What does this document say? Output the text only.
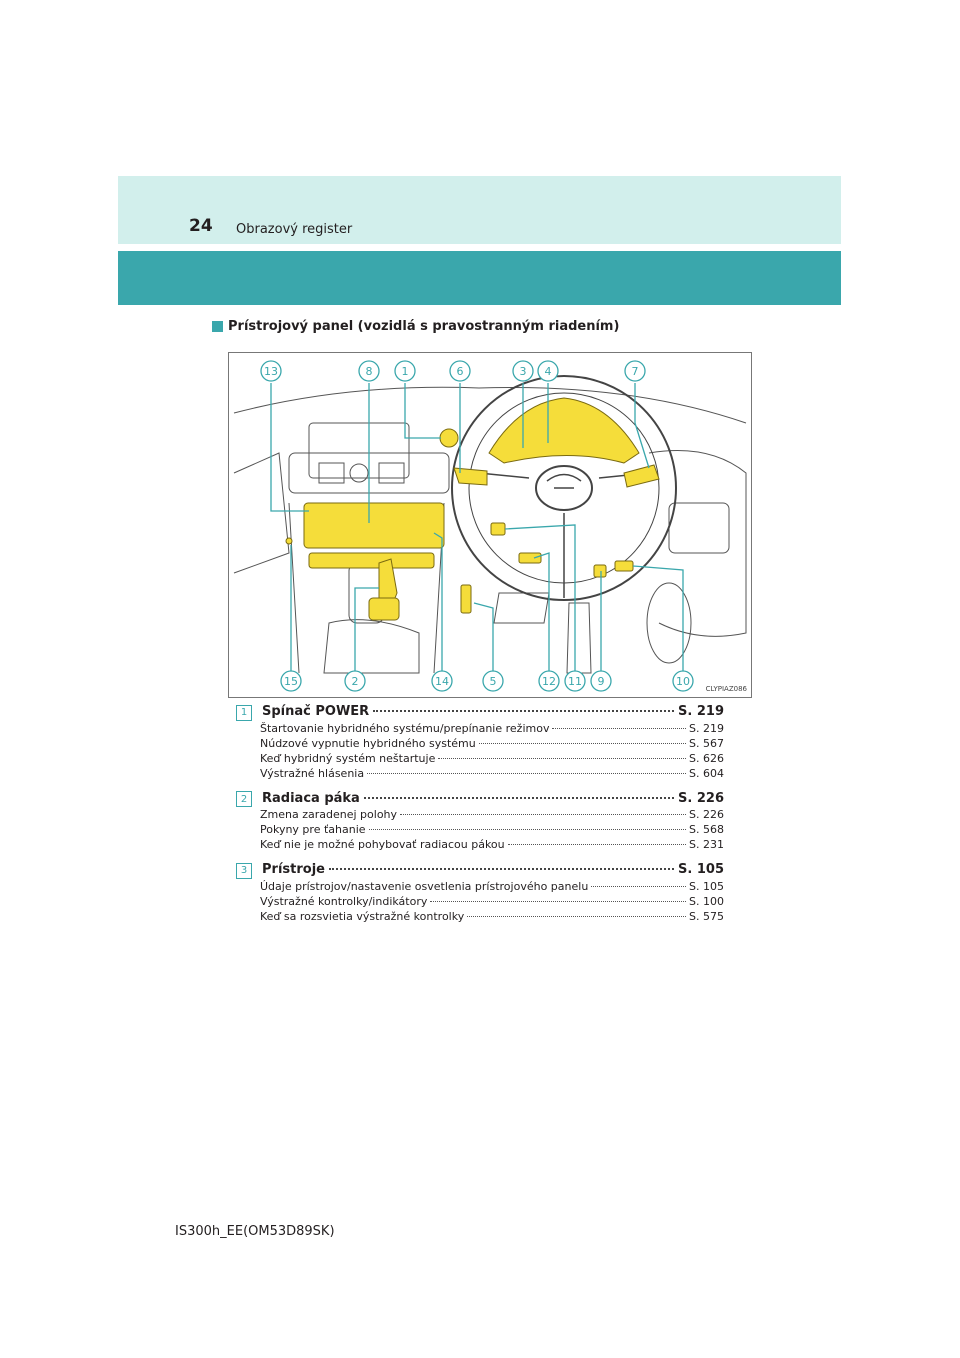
24 Obrazový register
Prístrojový panel (vozidlá s pravostranným riadením)
13	8	1	6	3 4	7
15	2	14	5	12 11 9	10
CLYPIAZ086
1	Spínač POWER	S. 219
Štartovanie hybridného systému/prepínanie režimov	S. 219
Núdzové vypnutie hybridného systému	S. 567
Keď hybridný systém neštartuje	S. 626
Výstražné hlásenia	S. 604
2	Radiaca páka	S. 226
Zmena zaradenej polohy	S. 226
Pokyny pre ťahanie	S. 568
Keď nie je možné pohybovať radiacou pákou	S. 231
3	Prístroje	S. 105
Údaje prístrojov/nastavenie osvetlenia prístrojového panelu	S. 105
Výstražné kontrolky/indikátory	S. 100
Keď sa rozsvietia výstražné kontrolky	S. 575
IS300h_EE(OM53D89SK)
